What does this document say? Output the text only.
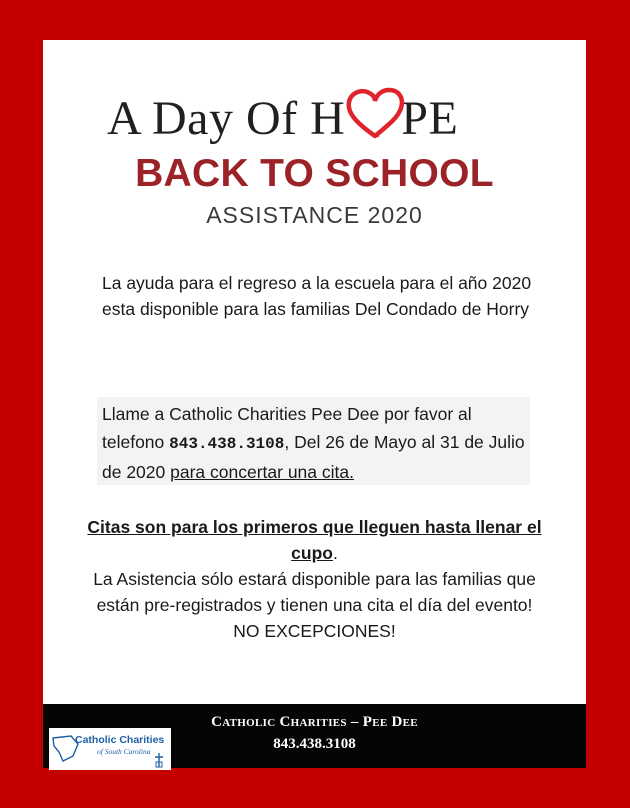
A Day Of H PE
BACK TO SCHOOL
ASSISTANCE 2020
La ayuda para el regreso a la escuela para el año 2020 esta disponible para las familias Del Condado de Horry
Llame a Catholic Charities Pee Dee por favor al telefono 843.438.3108, Del 26 de Mayo al 31 de Julio de 2020 para concertar una cita.
Citas son para los primeros que lleguen hasta llenar el cupo.
La Asistencia sólo estará disponible para las familias que están pre-registrados y tienen una cita el día del evento!
NO EXCEPCIONES!
Catholic Charities – Pee Dee
843.438.3108
Catholic Charities
of South Carolina
